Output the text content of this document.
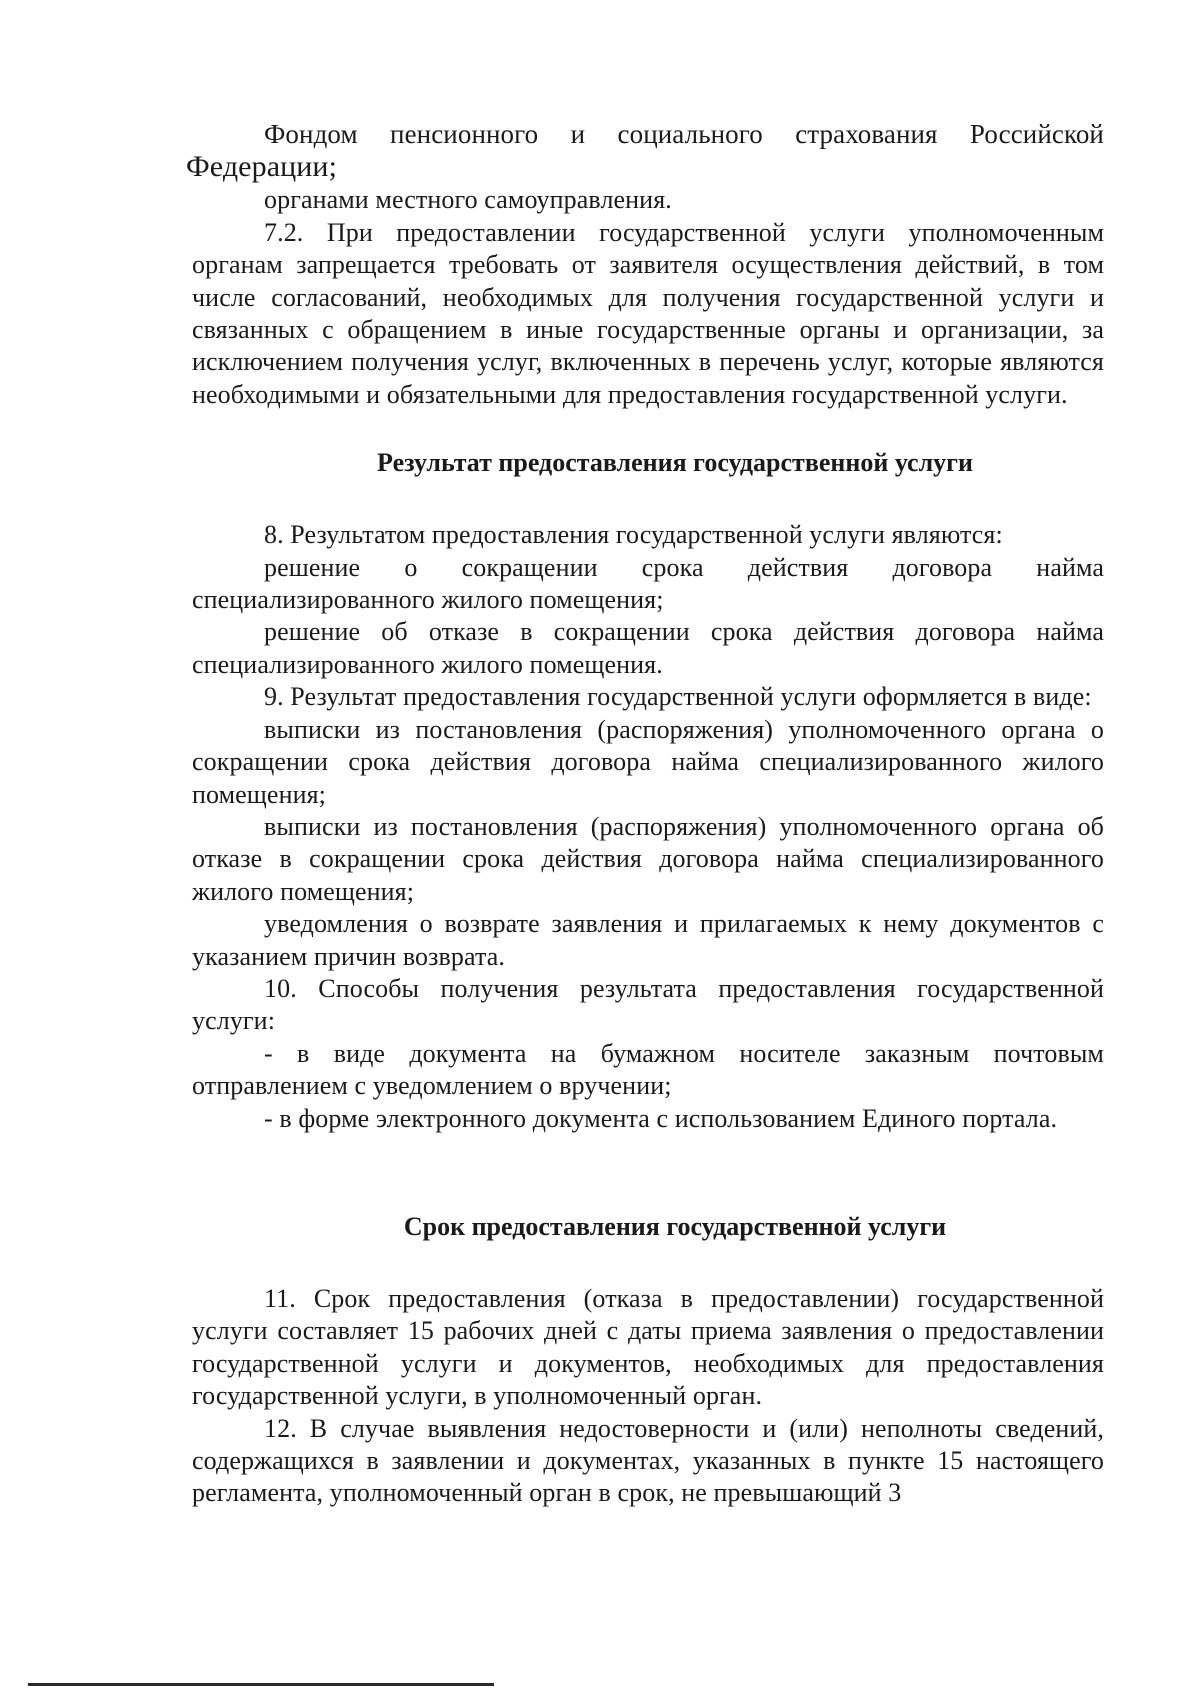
Фондом пенсионного и социального страхования Российской

Федерации;

органами местного самоуправления.

7.2. При предоставлении государственной услуги уполномоченным органам запрещается требовать от заявителя осуществления действий, в том числе согласований, необходимых для получения государственной услуги и связанных с обращением в иные государственные органы и организации, за исключением получения услуг, включенных в перечень услуг, которые являются необходимыми и обязательными для предоставления государственной услуги.

Результат предоставления государственной услуги

8. Результатом предоставления государственной услуги являются:

решение о сокращении срока действия договора найма специализированного жилого помещения;

решение об отказе в сокращении срока действия договора найма специализированного жилого помещения.

9. Результат предоставления государственной услуги оформляется в виде:

выписки из постановления (распоряжения) уполномоченного органа о сокращении срока действия договора найма специализированного жилого помещения;

выписки из постановления (распоряжения) уполномоченного органа об отказе в сокращении срока действия договора найма специализированного жилого помещения;

уведомления о возврате заявления и прилагаемых к нему документов с указанием причин возврата.

10. Способы получения результата предоставления государственной услуги:

- в виде документа на бумажном носителе заказным почтовым отправлением с уведомлением о вручении;

- в форме электронного документа с использованием Единого портала.

Срок предоставления государственной услуги

11. Срок предоставления (отказа в предоставлении) государственной услуги составляет 15 рабочих дней с даты приема заявления о предоставлении государственной услуги и документов, необходимых для предоставления государственной услуги, в уполномоченный орган.

12. В случае выявления недостоверности и (или) неполноты сведений, содержащихся в заявлении и документах, указанных в пункте 15 настоящего регламента, уполномоченный орган в срок, не превышающий 3
